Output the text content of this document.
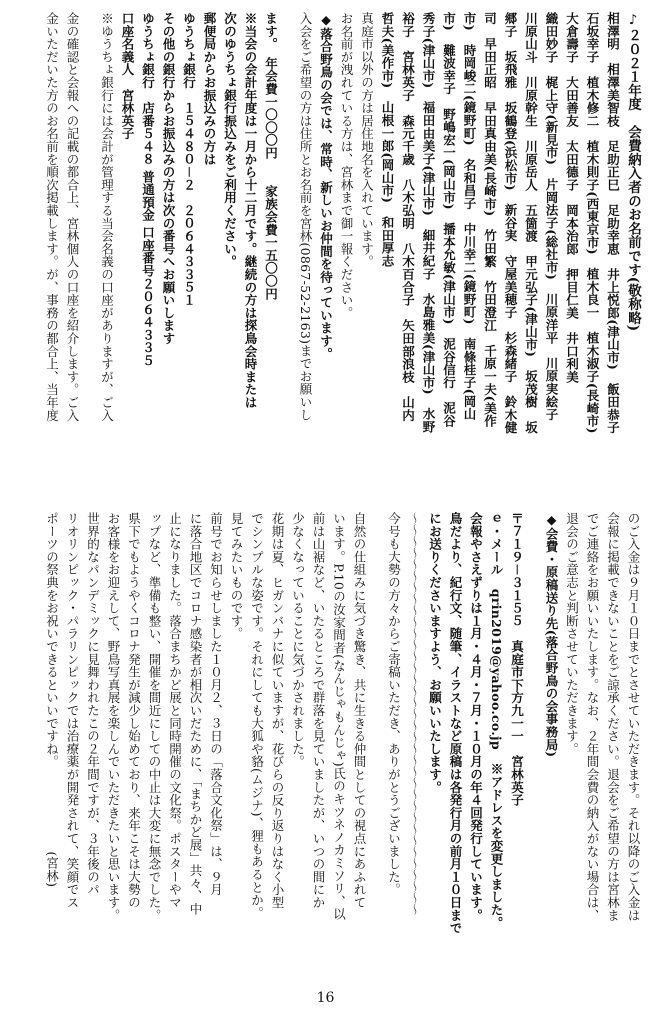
♪２０２１年度　会費納入者のお名前です(敬称略)

相澤明　相澤美智枝　足助正巳　足助幸恵　井上悦郎(津山市)　飯田恭子

石坂幸子　植木修二　植木則子(西東京市)　植木良一　植木淑子(長崎市)

大倉壽子　大田善友　太田德子　岡本治郎　押目仁美　井口利美

織田妙子　梶上守(新見市)　片岡法子(総社市)　川原洋平　川原実絵子

川原山斗　川原幹生　川原岳人　五箇渡　甲元弘子(津山市)　坂茂樹　坂

郷子　坂飛雅　坂鶴登(浜松市)　新谷実　守屋美穂子　杉森緒子　鈴木健

司　早田正昭　早田真由美(長崎市)　竹田繁　竹田澄江　千原一夫(美作

市)　時岡峻二(鏡野町)　名和昌子　中川幸二(鏡野町)　南條桂子(岡山

市)　難波幸子　野嶋宏一(岡山市)　播本允敏(津山市)　泥谷信行　泥谷

秀子(津山市)　福田由美子(津山市)　細井紀子　水島雅美(津山市)　水野

裕子　宮林英子　森元千歳　八木弘明　八木百合子　矢田部浪枝　山内

哲夫(美作市)　山根一郎(岡山市)　和田厚志

真庭市以外の方は居住地名を入れています。

お名前が洩れている方は、宮林まで御一報ください。

◆落合野鳥の会では、常時、新しいお仲間を待っています。

入会をご希望の方は住所とお名前を宮林(0867-52-2163)までお願いし

ます。　年会費一〇〇〇円　　家族会費一五〇〇円

※当会の会計年度は一月から十二月です。継続の方は探鳥会時または

次のゆうちょ銀行振込みをご利用ください。

郵便局からお振込みの方は

ゆうちょ銀行　１５４８０－２　２０６４３３５１

その他の銀行からお振込みの方は次の番号へお願いします

ゆうちょ銀行　店番５４８ 普通預金 口座番号２０６４３３５

口座名義人　宮林英子

※ゆうちょ銀行には会計が管理する当会名義の口座がありますが、ご入

金の確認と会報への記載の都合上、宮林個人の口座を紹介します。ご入

金いただいた方のお名前を順次掲載します。が、事務の都合上、当年度

のご入金は９月１０日までとさせていただきます。それ以降のご入金は

会報に掲載できないことをご諒承ください。退会をご希望の方は宮林ま

でご連絡をお願いいたします。なお、２年間会費の納入がない場合は、

退会のご意志と判断させていただきます。

◆会費・原稿送り先(落合野鳥の会事務局)

〒７１９－３１５５　真庭市下方九一一　宮林英子

ｅ・メール　qrin2019@yahoo.co.jp　※アドレスを変更しました。

会報やさえずりは１月・４月・７月・１０月の年４回発行しています。

鳥だより、紀行文、随筆、イラストなど原稿は各発行月の前月１０日まで

にお送りくださいますよう、お願いいたします。

～～～～～～～～～～～～～～～～～～～～～～～～～～～～～～～～～～～

今号も大勢の方々からご寄稿いただき、ありがとうございました。

自然の仕組みに気づき驚き、共に生きる仲間としての視点にあふれて

います。P.10の汝家間者(なんじゃもんじゃ)氏のキツネノカミソリ、以

前は山裾など、いたるところで群落を見ていましたが、いつの間にか

少なくなっていることに気づかされました。

花期は夏、ヒガンバナに似ていますが、花びらの反り返りはなく小型

でシンプルな姿です。それにしても大狐や貉(ムジナ)、狸もあるとか。

見てみたいものです。

前号でお知らせしました１０月２、３日の「落合文化祭」は、９月

に落合地区でコロナ感染者が相次いだために、「まちかど展」共々、中

止になりました。落合まちかど展と同時開催の文化祭。ポスターやマ

ップなど、準備も整い、開催を間近にしての中止は大変に無念でした。

県下でもようやくコロナ発生が減少し始めており、来年こそは大勢の

お客様をお迎えして、野鳥写真展を楽しんでいただきたいと思います。

世界的なパンデミックに見舞われたこの２年間ですが、３年後のパ

リオリンピック・パラリンピックでは治療薬が開発されて、笑顔でス

ポーツの祭典をお祝いできるといいですね。　　　　　　　(宮林)

16
